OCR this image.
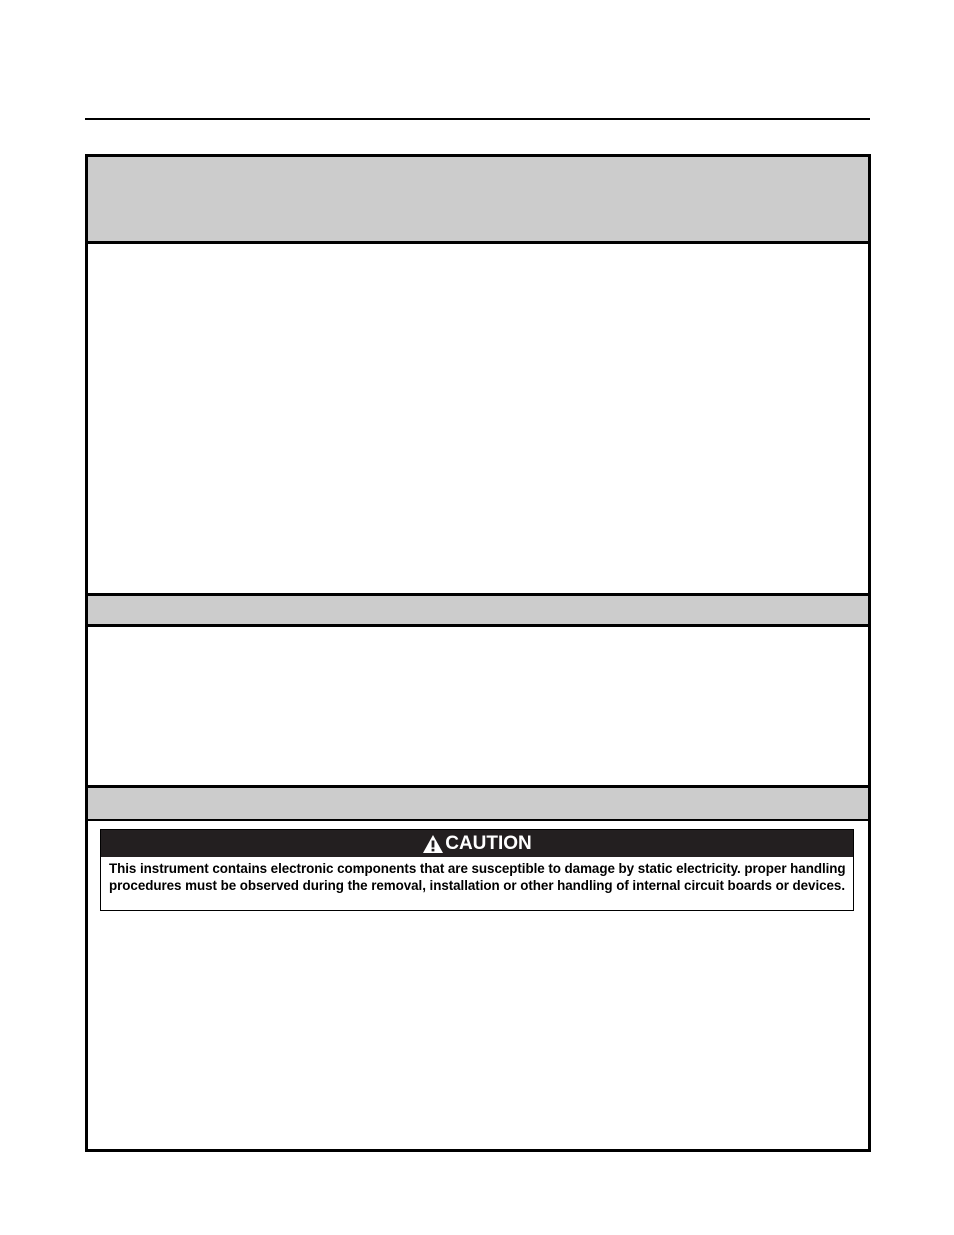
CAUTION
This instrument contains electronic components that are susceptible to damage by static electricity. proper handling procedures must be observed during the removal, installation or other handling of internal circuit boards or devices.
